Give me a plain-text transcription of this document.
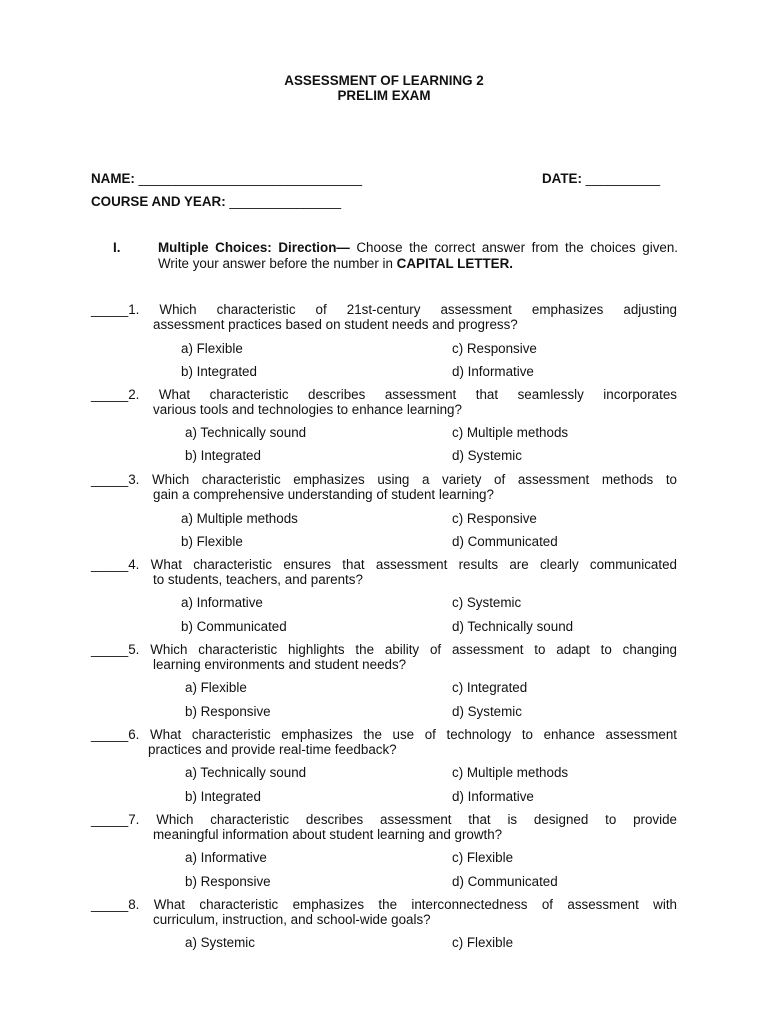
ASSESSMENT OF LEARNING 2
PRELIM EXAM
NAME: ______________________________	DATE: __________
COURSE AND YEAR: _______________
I.	Multiple Choices: Direction— Choose the correct answer from the choices given. Write your answer before the number in CAPITAL LETTER.
_____1. Which characteristic of 21st-century assessment emphasizes adjusting
assessment practices based on student needs and progress?
a) Flexible	c) Responsive
b) Integrated	d) Informative
_____2. What characteristic describes assessment that seamlessly incorporates
various tools and technologies to enhance learning?
a) Technically sound	c) Multiple methods
b) Integrated	d) Systemic
_____3. Which characteristic emphasizes using a variety of assessment methods to
gain a comprehensive understanding of student learning?
a) Multiple methods	c) Responsive
b) Flexible	d) Communicated
_____4. What characteristic ensures that assessment results are clearly communicated
to students, teachers, and parents?
a) Informative	c) Systemic
b) Communicated	d) Technically sound
_____5. Which characteristic highlights the ability of assessment to adapt to changing
learning environments and student needs?
a) Flexible	c) Integrated
b) Responsive	d) Systemic
_____6. What characteristic emphasizes the use of technology to enhance assessment
practices and provide real-time feedback?
a) Technically sound	c) Multiple methods
b) Integrated	d) Informative
_____7. Which characteristic describes assessment that is designed to provide
meaningful information about student learning and growth?
a) Informative	c) Flexible
b) Responsive	d) Communicated
_____8. What characteristic emphasizes the interconnectedness of assessment with
curriculum, instruction, and school-wide goals?
a) Systemic	c) Flexible
